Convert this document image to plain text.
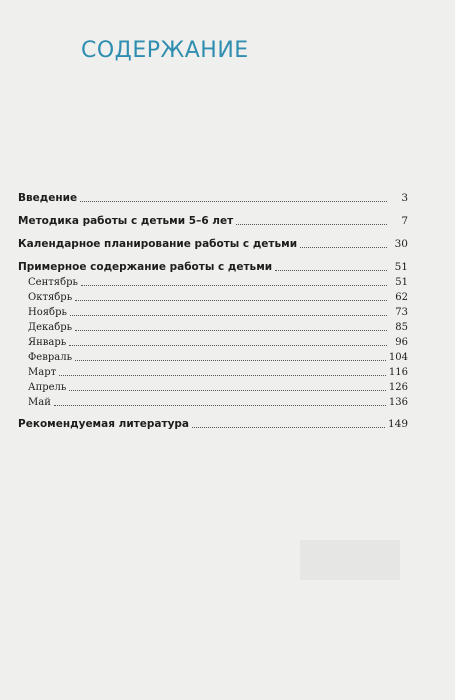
СОДЕРЖАНИЕ
Введение	3
Методика работы с детьми 5–6 лет	7
Календарное планирование работы с детьми	30
Примерное содержание работы с детьми	51
Сентябрь	51
Октябрь	62
Ноябрь	73
Декабрь	85
Январь	96
Февраль	104
Март	116
Апрель	126
Май	136
Рекомендуемая литература	149
